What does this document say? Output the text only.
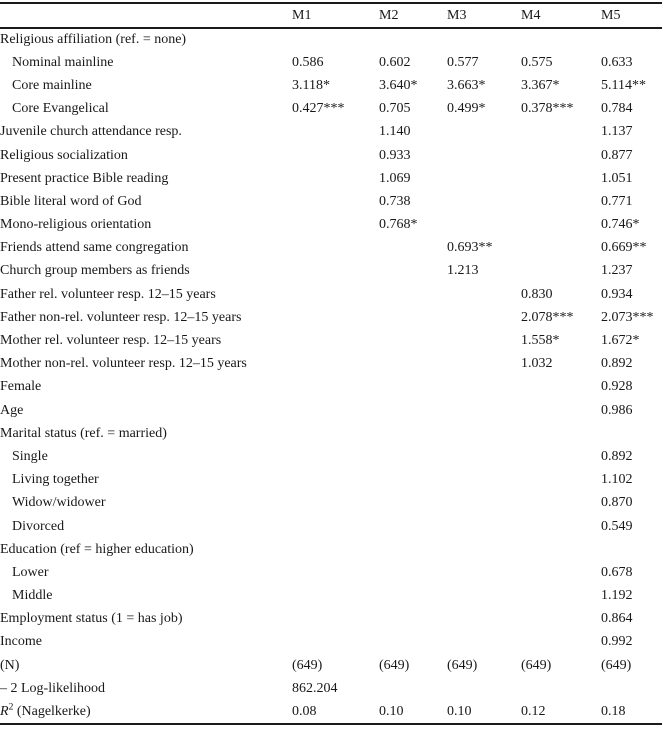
	M1	M2	M3	M4	M5
Religious affiliation (ref. = none)					
Nominal mainline	0.586	0.602	0.577	0.575	0.633
Core mainline	3.118*	3.640*	3.663*	3.367*	5.114**
Core Evangelical	0.427***	0.705	0.499*	0.378***	0.784
Juvenile church attendance resp.		1.140			1.137
Religious socialization		0.933			0.877
Present practice Bible reading		1.069			1.051
Bible literal word of God		0.738			0.771
Mono-religious orientation		0.768*			0.746*
Friends attend same congregation			0.693**		0.669**
Church group members as friends			1.213		1.237
Father rel. volunteer resp. 12–15 years				0.830	0.934
Father non-rel. volunteer resp. 12–15 years				2.078***	2.073***
Mother rel. volunteer resp. 12–15 years				1.558*	1.672*
Mother non-rel. volunteer resp. 12–15 years				1.032	0.892
Female					0.928
Age					0.986
Marital status (ref. = married)					
Single					0.892
Living together					1.102
Widow/widower					0.870
Divorced					0.549
Education (ref = higher education)					
Lower					0.678
Middle					1.192
Employment status (1 = has job)					0.864
Income					0.992
(N)	(649)	(649)	(649)	(649)	(649)
– 2 Log-likelihood	862.204				
$R^2$ (Nagelkerke)	0.08	0.10	0.10	0.12	0.18
